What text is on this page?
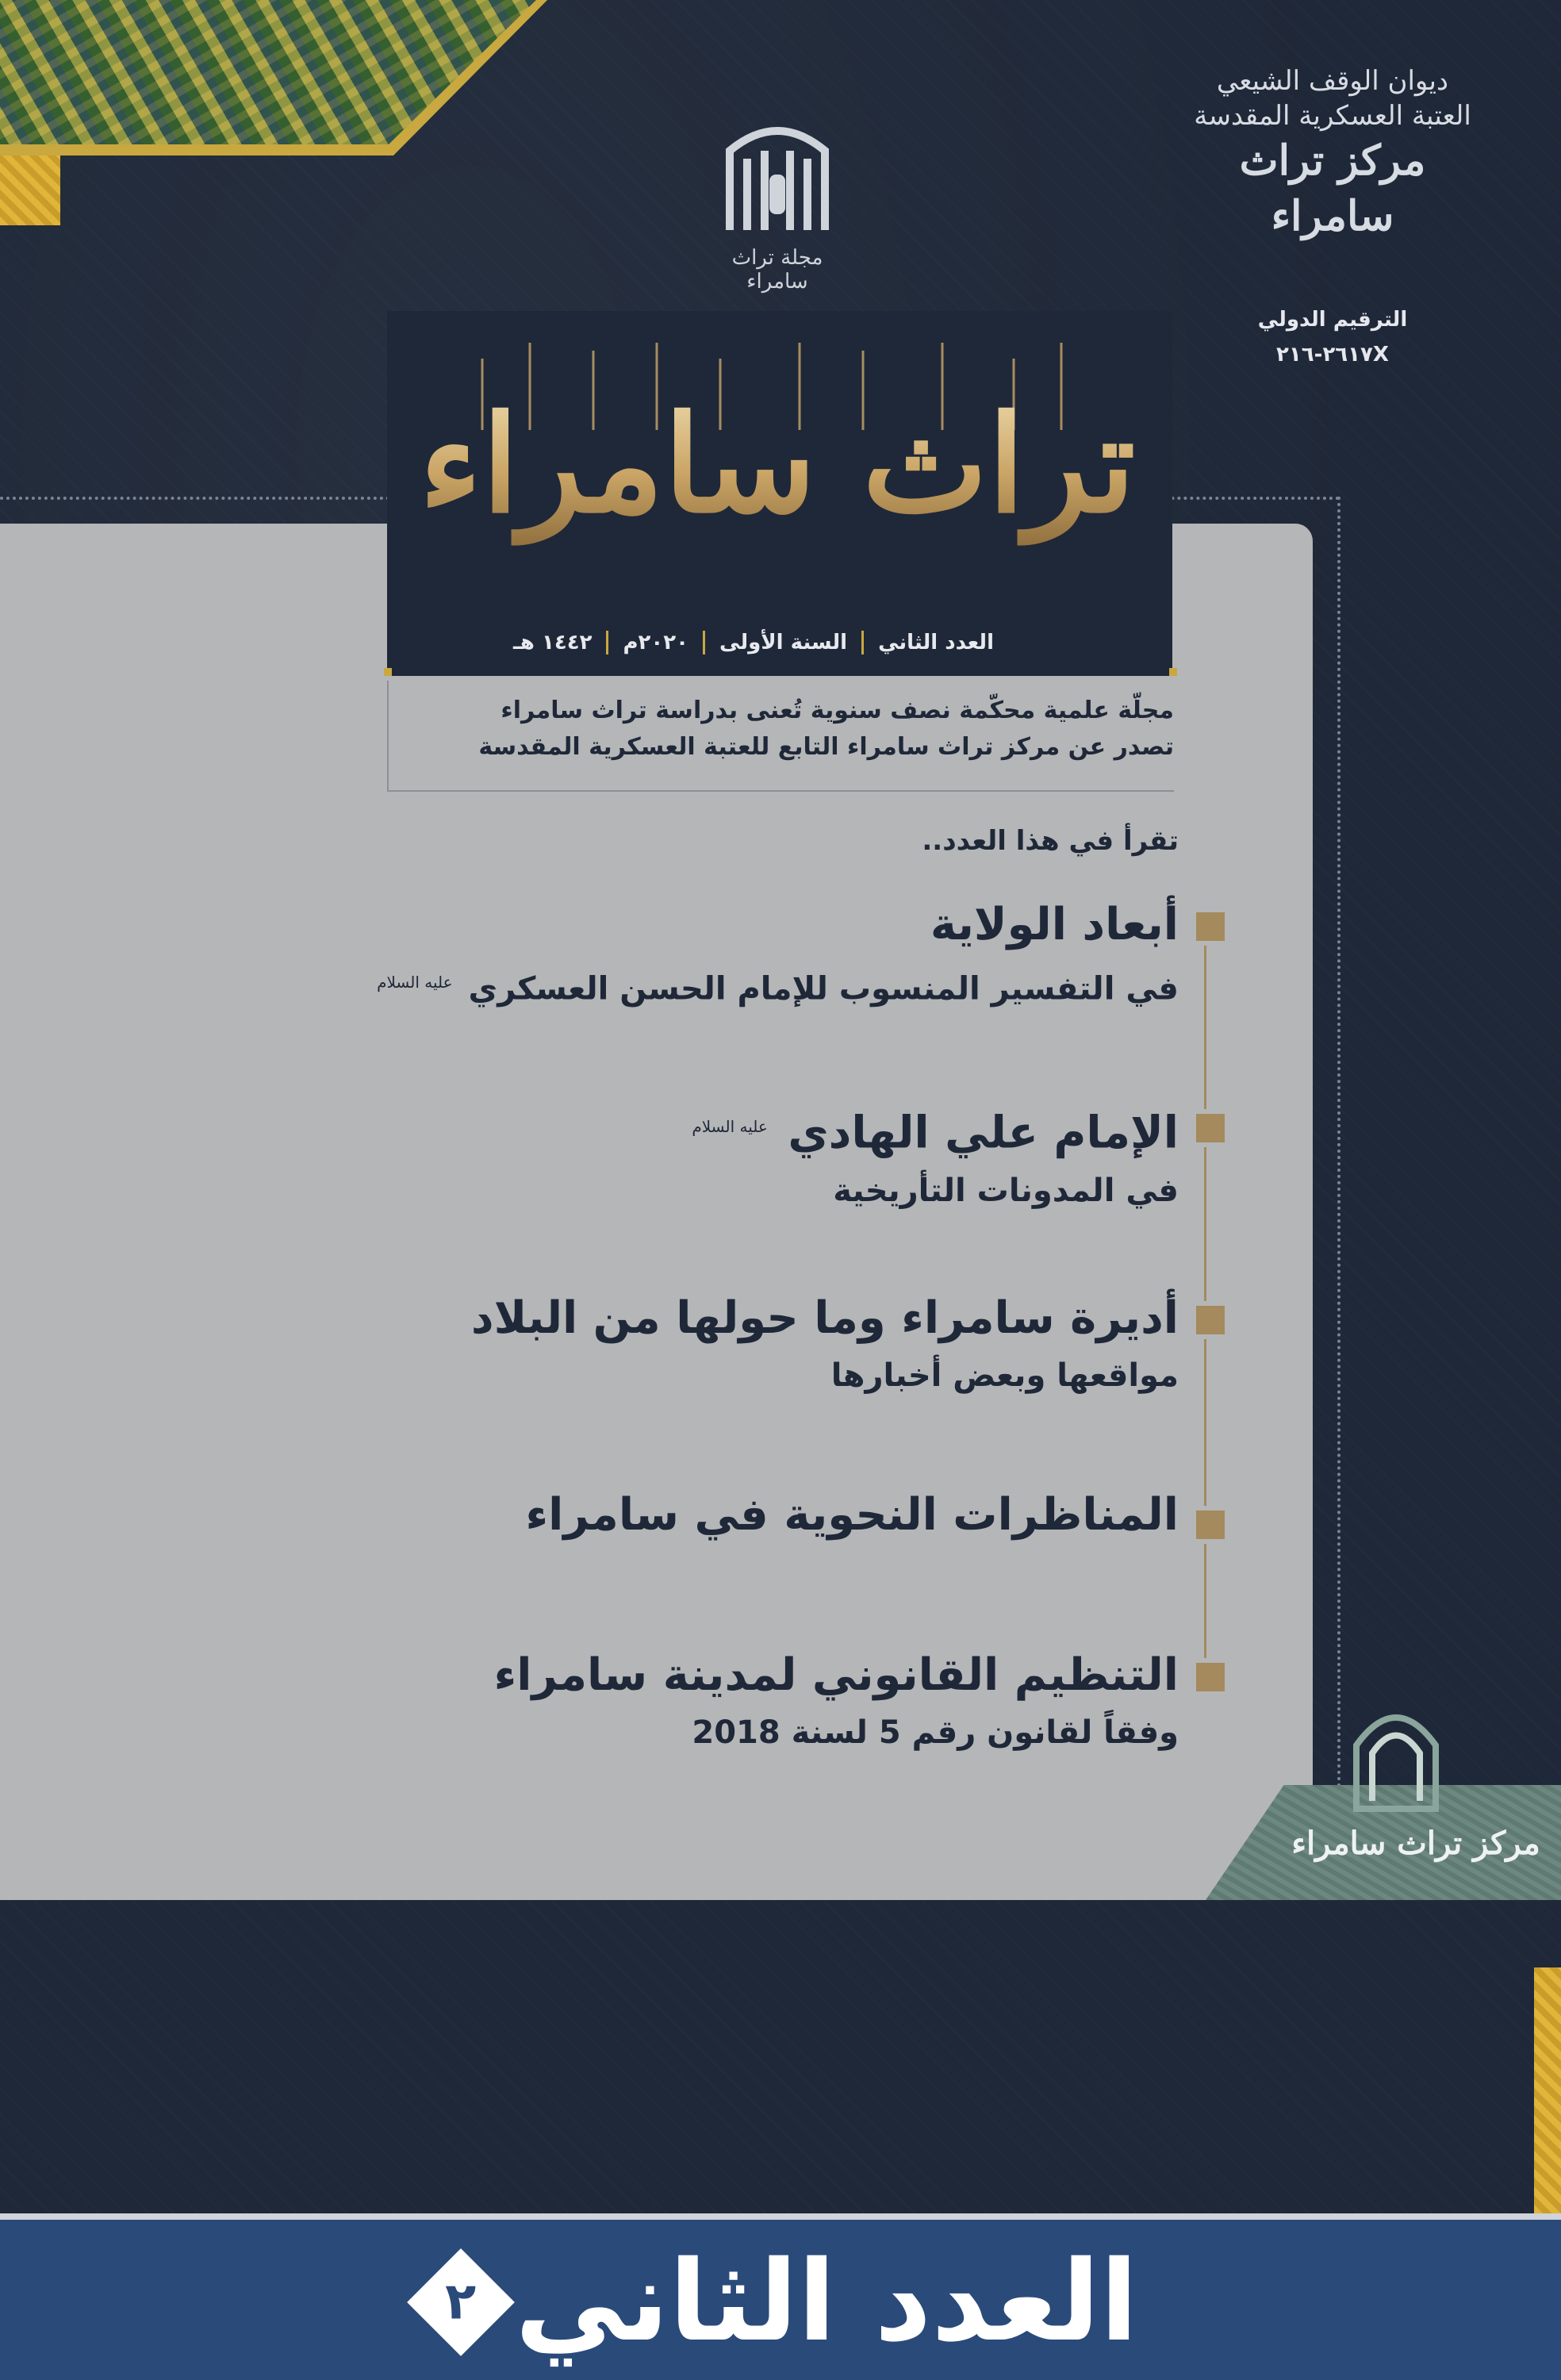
مجلة تراث سامراء
ديوان الوقف الشيعي
العتبة العسكرية المقدسة
مركز تراث سامراء
الترقيم الدولي
٢٦١٧-٢١٦X
تراث سامراء
العدد الثاني
السنة الأولى
٢٠٢٠م
١٤٤٢ هـ
مجلّة علمية محكّمة نصف سنوية تُعنى بدراسة تراث سامراء
تصدر عن مركز تراث سامراء التابع للعتبة العسكرية المقدسة
تقرأ في هذا العدد..
أبعاد الولاية
في التفسير المنسوب للإمام الحسن العسكري $^{عليه السلام}$
الإمام علي الهادي $^{عليه السلام}$
في المدونات التأريخية
أديرة سامراء وما حولها من البلاد
مواقعها وبعض أخبارها
المناظرات النحوية في سامراء
التنظيم القانوني لمدينة سامراء
وفقاً لقانون رقم 5 لسنة 2018
مركز تراث سامراء
العدد الثاني
٢
